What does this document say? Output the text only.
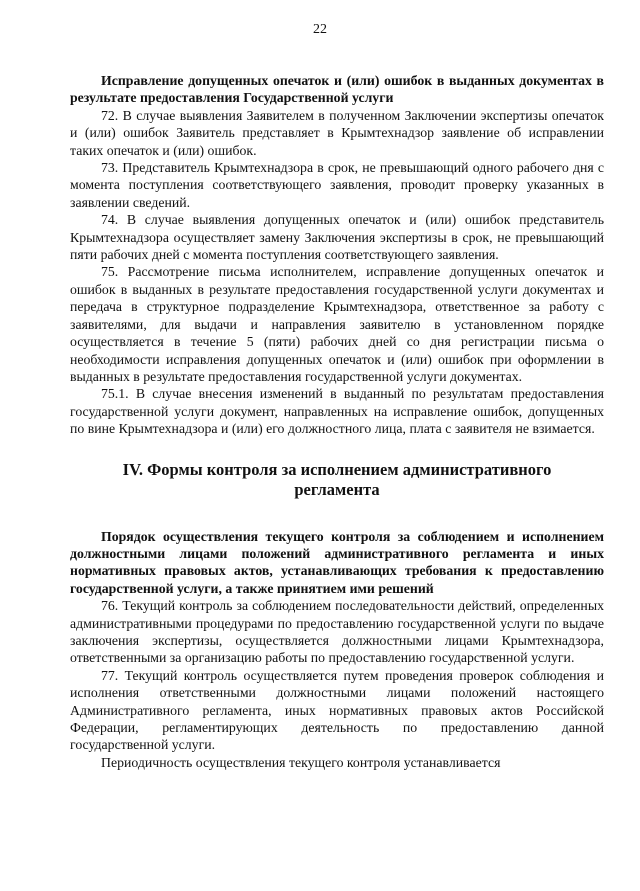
22

Исправление допущенных опечаток и (или) ошибок в выданных документах в результате предоставления Государственной услуги

72. В случае выявления Заявителем в полученном Заключении экспертизы опечаток и (или) ошибок Заявитель представляет в Крымтехнадзор заявление об исправлении таких опечаток и (или) ошибок.

73. Представитель Крымтехнадзора в срок, не превышающий одного рабочего дня с момента поступления соответствующего заявления, проводит проверку указанных в заявлении сведений.

74. В случае выявления допущенных опечаток и (или) ошибок представитель Крымтехнадзора осуществляет замену Заключения экспертизы в срок, не превышающий пяти рабочих дней с момента поступления соответствующего заявления.

75. Рассмотрение письма исполнителем, исправление допущенных опечаток и ошибок в выданных в результате предоставления государственной услуги документах и передача в структурное подразделение Крымтехнадзора, ответственное за работу с заявителями, для выдачи и направления заявителю в установленном порядке осуществляется в течение 5 (пяти) рабочих дней со дня регистрации письма о необходимости исправления допущенных опечаток и (или) ошибок при оформлении в выданных в результате предоставления государственной услуги документах.

75.1. В случае внесения изменений в выданный по результатам предоставления государственной услуги документ, направленных на исправление ошибок, допущенных по вине Крымтехнадзора и (или) его должностного лица, плата с заявителя не взимается.

IV. Формы контроля за исполнением административного регламента

Порядок осуществления текущего контроля за соблюдением и исполнением должностными лицами положений административного регламента и иных нормативных правовых актов, устанавливающих требования к предоставлению государственной услуги, а также принятием ими решений

76. Текущий контроль за соблюдением последовательности действий, определенных административными процедурами по предоставлению государственной услуги по выдаче заключения экспертизы, осуществляется должностными лицами Крымтехнадзора, ответственными за организацию работы по предоставлению государственной услуги.

77. Текущий контроль осуществляется путем проведения проверок соблюдения и исполнения ответственными должностными лицами положений настоящего Административного регламента, иных нормативных правовых актов Российской Федерации, регламентирующих деятельность по предоставлению данной государственной услуги.

Периодичность осуществления текущего контроля устанавливается
